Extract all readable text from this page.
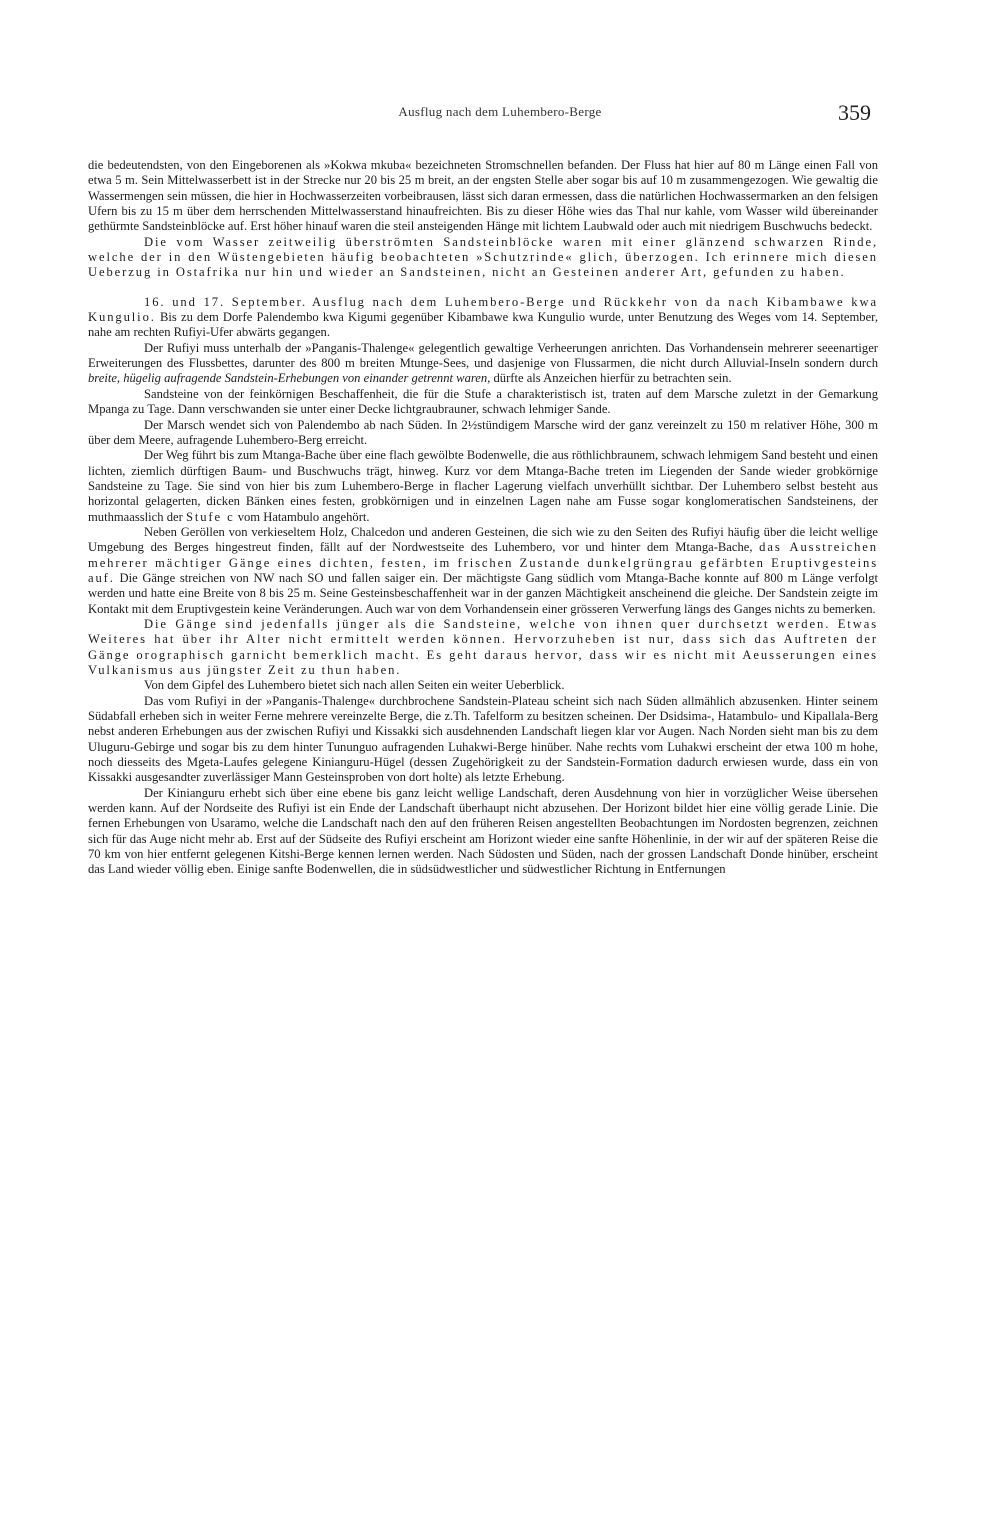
Ausflug nach dem Luhembero-Berge	359

die bedeutendsten, von den Eingeborenen als »Kokwa mkuba« bezeichneten Stromschnellen befanden. Der Fluss hat hier auf 80 m Länge einen Fall von etwa 5 m. Sein Mittelwasserbett ist in der Strecke nur 20 bis 25 m breit, an der engsten Stelle aber sogar bis auf 10 m zusammengezogen. Wie gewaltig die Wassermengen sein müssen, die hier in Hochwasserzeiten vorbeibrausen, lässt sich daran ermessen, dass die natürlichen Hochwassermarken an den felsigen Ufern bis zu 15 m über dem herrschenden Mittelwasserstand hinaufreichten. Bis zu dieser Höhe wies das Thal nur kahle, vom Wasser wild übereinander gethürmte Sandsteinblöcke auf. Erst höher hinauf waren die steil ansteigenden Hänge mit lichtem Laubwald oder auch mit niedrigem Buschwuchs bedeckt.

Die vom Wasser zeitweilig überströmten Sandsteinblöcke waren mit einer glänzend schwarzen Rinde, welche der in den Wüstengebieten häufig beobachteten »Schutzrinde« glich, überzogen. Ich erinnere mich diesen Ueberzug in Ostafrika nur hin und wieder an Sandsteinen, nicht an Gesteinen anderer Art, gefunden zu haben.

16. und 17. September. Ausflug nach dem Luhembero-Berge und Rückkehr von da nach Kibambawe kwa Kungulio. Bis zu dem Dorfe Palendembo kwa Kigumi gegenüber Kibambawe kwa Kungulio wurde, unter Benutzung des Weges vom 14. September, nahe am rechten Rufiyi-Ufer abwärts gegangen.

Der Rufiyi muss unterhalb der »Panganis-Thalenge« gelegentlich gewaltige Verheerungen anrichten. Das Vorhandensein mehrerer seeenartiger Erweiterungen des Flussbettes, darunter des 800 m breiten Mtunge-Sees, und dasjenige von Flussarmen, die nicht durch Alluvial-Inseln sondern durch breite, hügelig aufragende Sandstein-Erhebungen von einander getrennt waren, dürfte als Anzeichen hierfür zu betrachten sein.

Sandsteine von der feinkörnigen Beschaffenheit, die für die Stufe a charakteristisch ist, traten auf dem Marsche zuletzt in der Gemarkung Mpanga zu Tage. Dann verschwanden sie unter einer Decke lichtgraubrauner, schwach lehmiger Sande.

Der Marsch wendet sich von Palendembo ab nach Süden. In 2½stündigem Marsche wird der ganz vereinzelt zu 150 m relativer Höhe, 300 m über dem Meere, aufragende Luhembero-Berg erreicht.

Der Weg führt bis zum Mtanga-Bache über eine flach gewölbte Bodenwelle, die aus röthlichbraunem, schwach lehmigem Sand besteht und einen lichten, ziemlich dürftigen Baum- und Buschwuchs trägt, hinweg. Kurz vor dem Mtanga-Bache treten im Liegenden der Sande wieder grobkörnige Sandsteine zu Tage. Sie sind von hier bis zum Luhembero-Berge in flacher Lagerung vielfach unverhüllt sichtbar. Der Luhembero selbst besteht aus horizontal gelagerten, dicken Bänken eines festen, grobkörnigen und in einzelnen Lagen nahe am Fusse sogar konglomeratischen Sandsteinens, der muthmaasslich der Stufe c vom Hatambulo angehört.

Neben Geröllen von verkieseltem Holz, Chalcedon und anderen Gesteinen, die sich wie zu den Seiten des Rufiyi häufig über die leicht wellige Umgebung des Berges hingestreut finden, fällt auf der Nordwestseite des Luhembero, vor und hinter dem Mtanga-Bache, das Ausstreichen mehrerer mächtiger Gänge eines dichten, festen, im frischen Zustande dunkelgrüngrau gefärbten Eruptivgesteins auf. Die Gänge streichen von NW nach SO und fallen saiger ein. Der mächtigste Gang südlich vom Mtanga-Bache konnte auf 800 m Länge verfolgt werden und hatte eine Breite von 8 bis 25 m. Seine Gesteinsbeschaffenheit war in der ganzen Mächtigkeit anscheinend die gleiche. Der Sandstein zeigte im Kontakt mit dem Eruptivgestein keine Veränderungen. Auch war von dem Vorhandensein einer grösseren Verwerfung längs des Ganges nichts zu bemerken.

Die Gänge sind jedenfalls jünger als die Sandsteine, welche von ihnen quer durchsetzt werden. Etwas Weiteres hat über ihr Alter nicht ermittelt werden können. Hervorzuheben ist nur, dass sich das Auftreten der Gänge orographisch garnicht bemerklich macht. Es geht daraus hervor, dass wir es nicht mit Aeusserungen eines Vulkanismus aus jüngster Zeit zu thun haben.

Von dem Gipfel des Luhembero bietet sich nach allen Seiten ein weiter Ueberblick.

Das vom Rufiyi in der »Panganis-Thalenge« durchbrochene Sandstein-Plateau scheint sich nach Süden allmählich abzusenken. Hinter seinem Südabfall erheben sich in weiter Ferne mehrere vereinzelte Berge, die z.Th. Tafelform zu besitzen scheinen. Der Dsidsima-, Hatambulo- und Kipallala-Berg nebst anderen Erhebungen aus der zwischen Rufiyi und Kissakki sich ausdehnenden Landschaft liegen klar vor Augen. Nach Norden sieht man bis zu dem Uluguru-Gebirge und sogar bis zu dem hinter Tununguo aufragenden Luhakwi-Berge hinüber. Nahe rechts vom Luhakwi erscheint der etwa 100 m hohe, noch diesseits des Mgeta-Laufes gelegene Kinianguru-Hügel (dessen Zugehörigkeit zu der Sandstein-Formation dadurch erwiesen wurde, dass ein von Kissakki ausgesandter zuverlässiger Mann Gesteinsproben von dort holte) als letzte Erhebung.

Der Kinianguru erhebt sich über eine ebene bis ganz leicht wellige Landschaft, deren Ausdehnung von hier in vorzüglicher Weise übersehen werden kann. Auf der Nordseite des Rufiyi ist ein Ende der Landschaft überhaupt nicht abzusehen. Der Horizont bildet hier eine völlig gerade Linie. Die fernen Erhebungen von Usaramo, welche die Landschaft nach den auf den früheren Reisen angestellten Beobachtungen im Nordosten begrenzen, zeichnen sich für das Auge nicht mehr ab. Erst auf der Südseite des Rufiyi erscheint am Horizont wieder eine sanfte Höhenlinie, in der wir auf der späteren Reise die 70 km von hier entfernt gelegenen Kitshi-Berge kennen lernen werden. Nach Südosten und Süden, nach der grossen Landschaft Donde hinüber, erscheint das Land wieder völlig eben. Einige sanfte Bodenwellen, die in südsüdwestlicher und südwestlicher Richtung in Entfernungen
